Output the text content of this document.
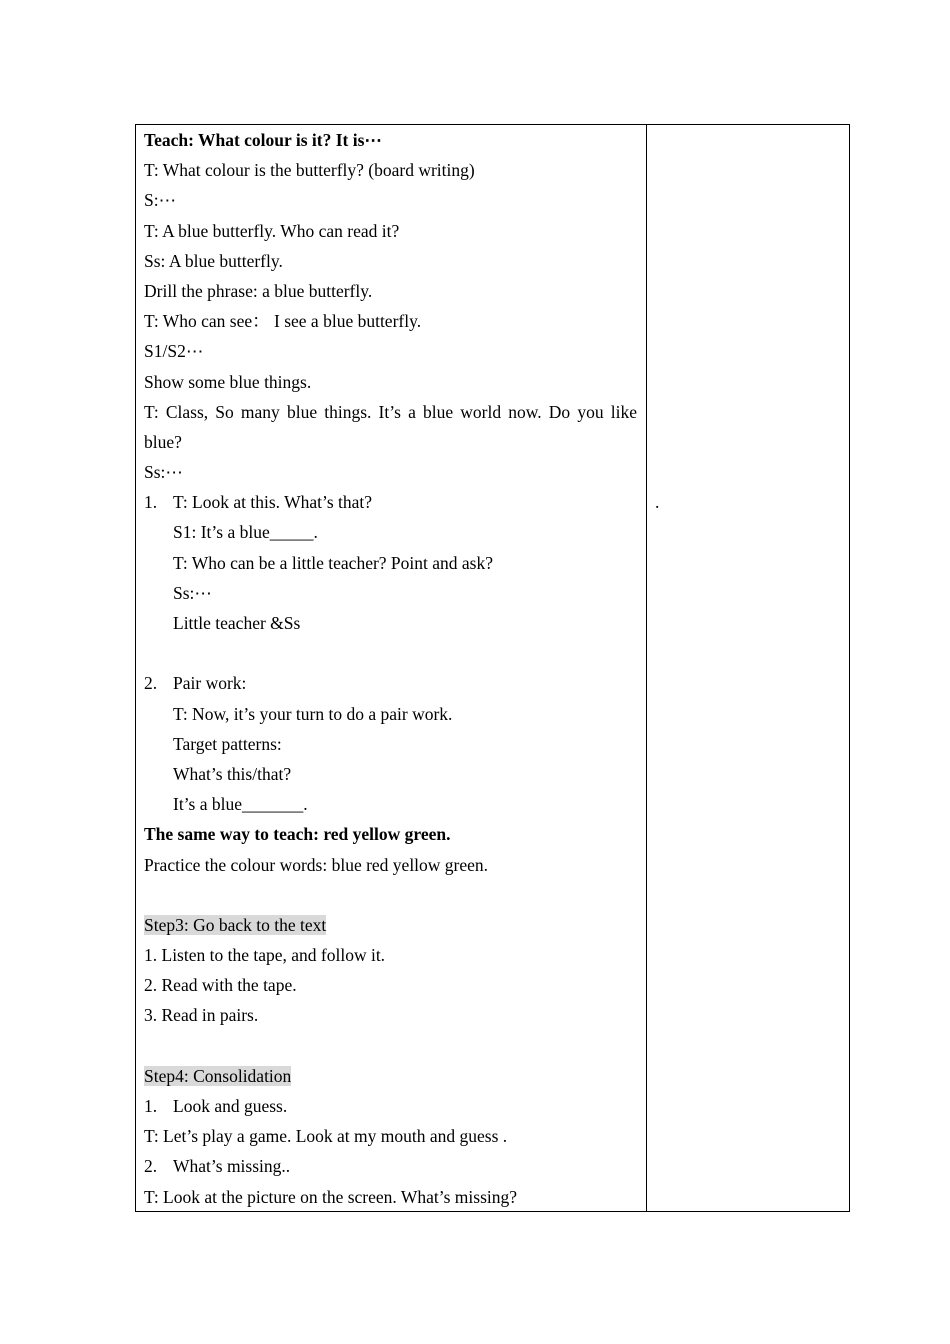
Teach: What colour is it? It is⋯
T: What colour is the butterfly? (board writing)
S:⋯
T: A blue butterfly. Who can read it?
Ss: A blue butterfly.
Drill the phrase: a blue butterfly.
T: Who can see： I see a blue butterfly.
S1/S2⋯
Show some blue things.
T: Class, So many blue things. It’s a blue world now. Do you like blue?
Ss:⋯
1. T: Look at this. What’s that?
S1: It’s a blue_____.
T: Who can be a little teacher? Point and ask?
Ss:⋯
Little teacher &Ss
2. Pair work:
T: Now, it’s your turn to do a pair work.
Target patterns:
What’s this/that?
It’s a blue_______.
The same way to teach: red yellow green.
Practice the colour words: blue red yellow green.
Step3: Go back to the text
1. Listen to the tape, and follow it.
2. Read with the tape.
3. Read in pairs.
Step4: Consolidation
1. Look and guess.
T: Let’s play a game. Look at my mouth and guess .
2. What’s missing..
T: Look at the picture on the screen. What’s missing?
.
